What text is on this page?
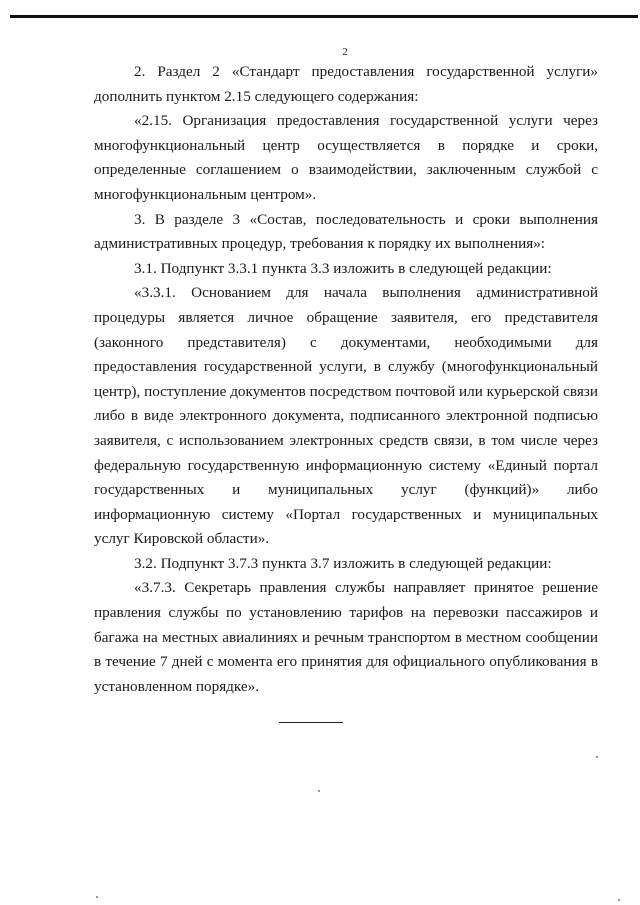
2

2. Раздел 2 «Стандарт предоставления государственной услуги» дополнить пунктом 2.15 следующего содержания:

«2.15. Организация предоставления государственной услуги через многофункциональный центр осуществляется в порядке и сроки, определенные соглашением о взаимодействии, заключенным службой с многофункциональным центром».

3. В разделе 3 «Состав, последовательность и сроки выполнения административных процедур, требования к порядку их выполнения»:

3.1. Подпункт 3.3.1 пункта 3.3 изложить в следующей редакции:

«3.3.1. Основанием для начала выполнения административной процедуры является личное обращение заявителя, его представителя (законного представителя) с документами, необходимыми для предоставления государственной услуги, в службу (многофункциональный центр), поступление документов посредством почтовой или курьерской связи либо в виде электронного документа, подписанного электронной подписью заявителя, с использованием электронных средств связи, в том числе через федеральную государственную информационную систему «Единый портал государственных и муниципальных услуг (функций)» либо информационную систему «Портал государственных и муниципальных услуг Кировской области».

3.2. Подпункт 3.7.3 пункта 3.7 изложить в следующей редакции:

«3.7.3. Секретарь правления службы направляет принятое решение правления службы по установлению тарифов на перевозки пассажиров и багажа на местных авиалиниях и речным транспортом в местном сообщении в течение 7 дней с момента его принятия для официального опубликования в установленном порядке».
